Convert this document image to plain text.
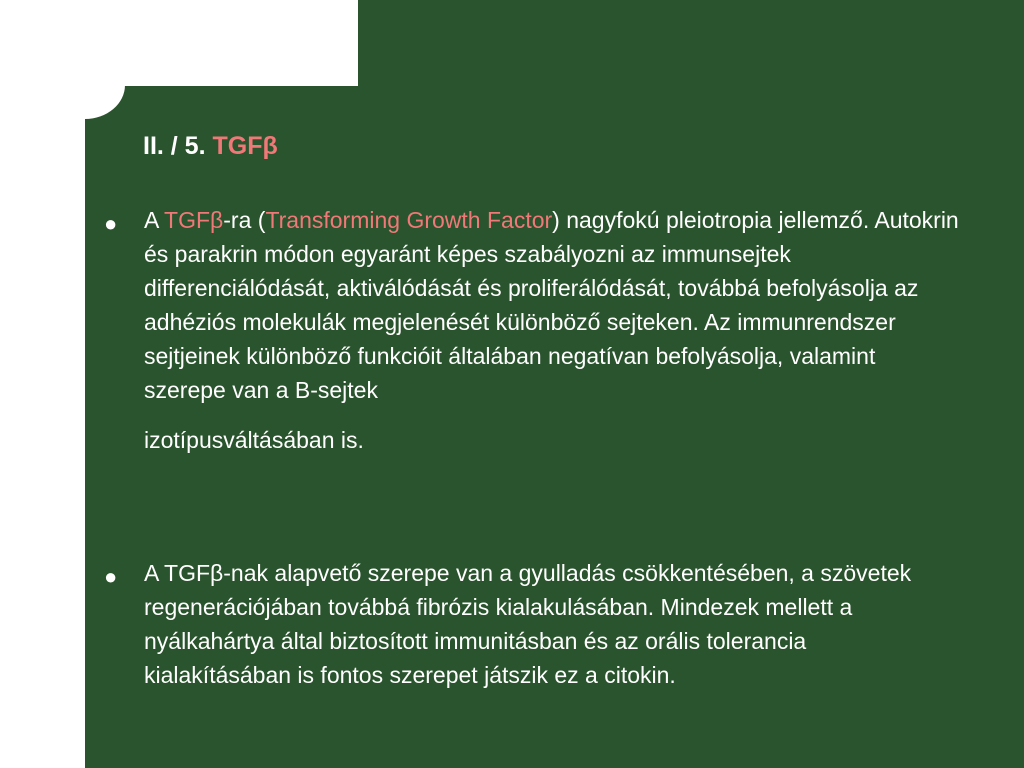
II. / 5. TGFβ
● A TGFβ-ra (Transforming Growth Factor) nagyfokú pleiotropia jellemző. Autokrin és parakrin módon egyaránt képes szabályozni az immunsejtek differenciálódását, aktiválódását és proliferálódását, továbbá befolyásolja az adhéziós molekulák megjelenését különböző sejteken. Az immunrendszer sejtjeinek különböző funkcióit általában negatívan befolyásolja, valamint szerepe van a B-sejtek
izotípusváltásában is.

● A TGFβ-nak alapvető szerepe van a gyulladás csökkentésében, a szövetek regenerációjában továbbá fibrózis kialakulásában. Mindezek mellett a nyálkahártya által biztosított immunitásban és az orális tolerancia kialakításában is fontos szerepet játszik ez a citokin.
